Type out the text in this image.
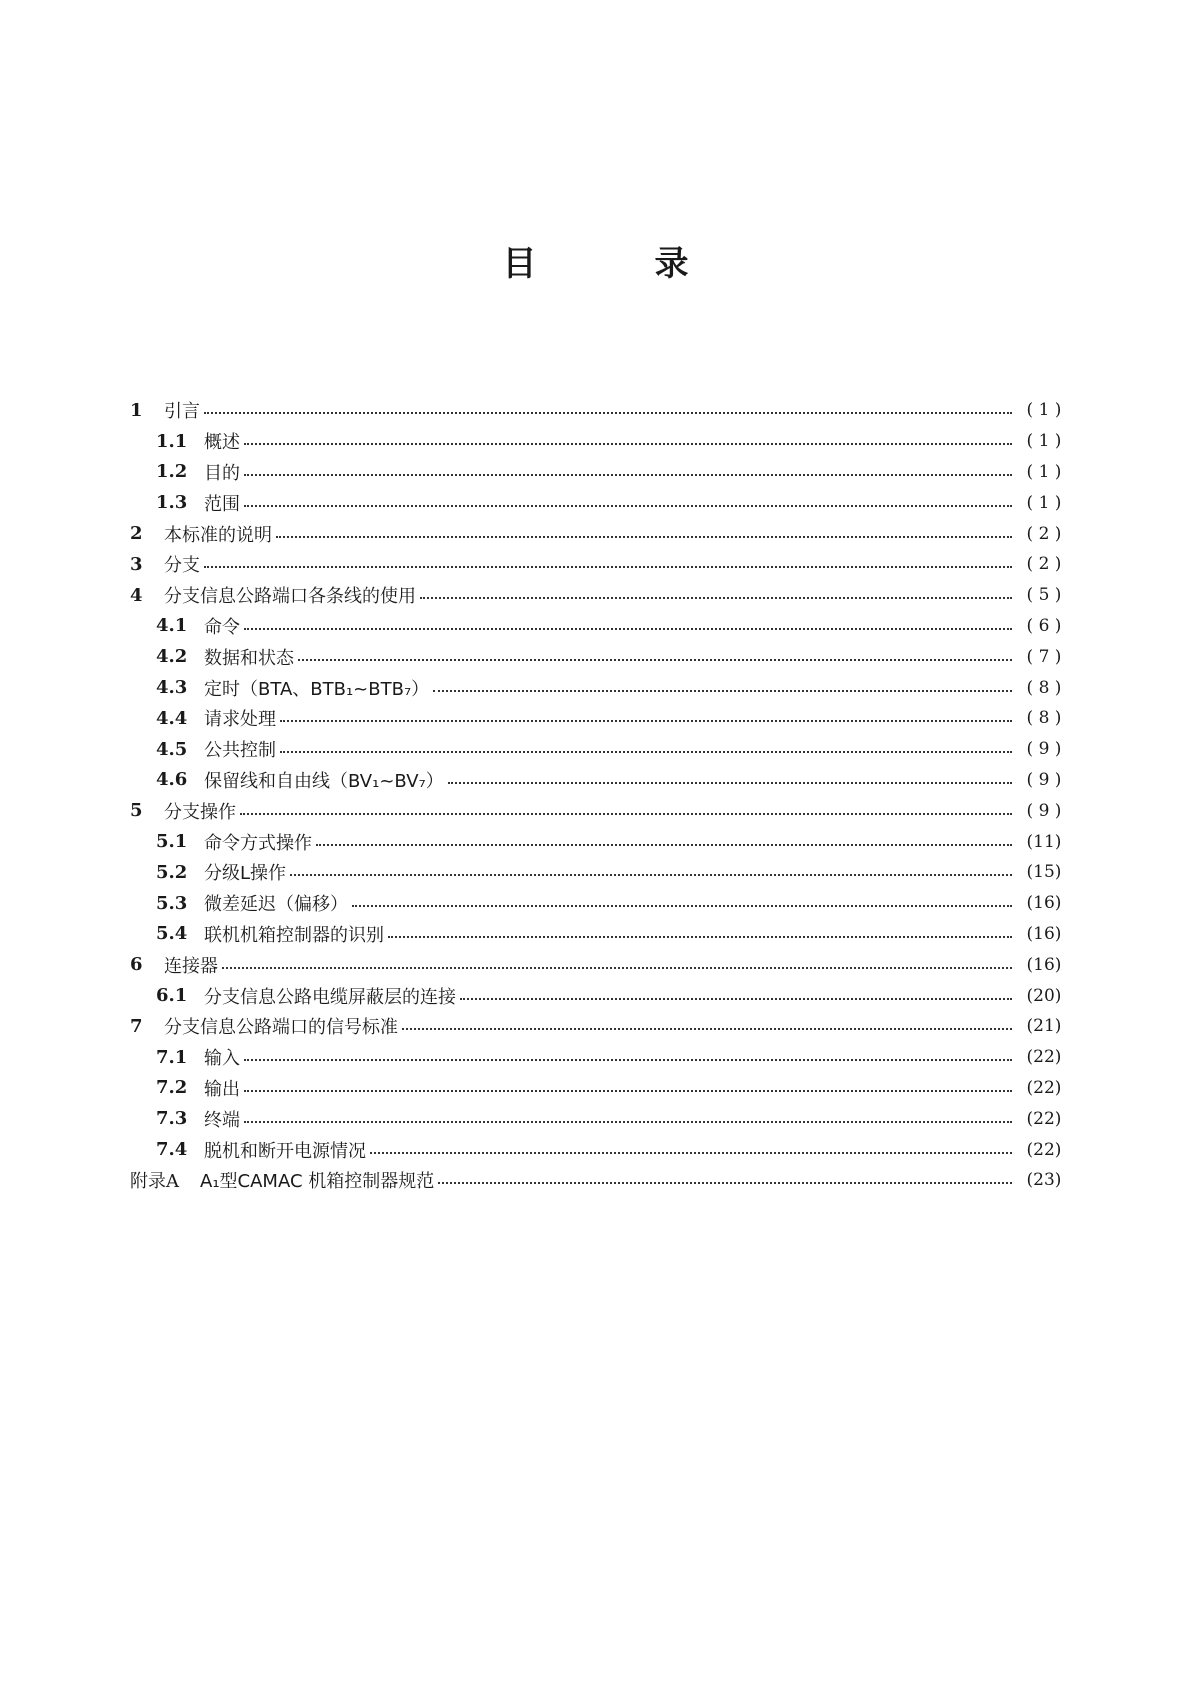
目	录
1	引言	( 1 )
1.1 概述	( 1 )
1.2 目的	( 1 )
1.3 范围	( 1 )
2	本标准的说明	( 2 )
3	分支	( 2 )
4	分支信息公路端口各条线的使用	( 5 )
4.1 命令	( 6 )
4.2 数据和状态	( 7 )
4.3 定时（BTA、BTB₁~BTB₇）	( 8 )
4.4 请求处理	( 8 )
4.5 公共控制	( 9 )
4.6 保留线和自由线（BV₁~BV₇）	( 9 )
5	分支操作	( 9 )
5.1 命令方式操作	(11)
5.2 分级L操作	(15)
5.3 微差延迟（偏移）	(16)
5.4 联机机箱控制器的识别	(16)
6	连接器	(16)
6.1 分支信息公路电缆屏蔽层的连接	(20)
7	分支信息公路端口的信号标准	(21)
7.1 输入	(22)
7.2 输出	(22)
7.3 终端	(22)
7.4 脱机和断开电源情况	(22)
附录A	A₁型CAMAC 机箱控制器规范	(23)
